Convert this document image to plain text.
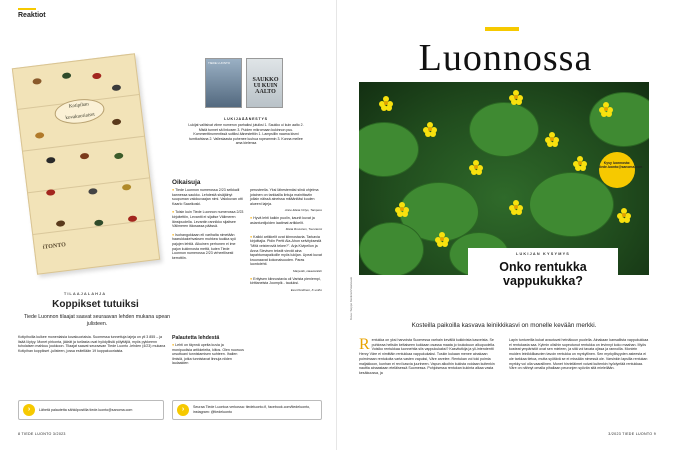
Reaktiot
Kotipihan kovakuoriaiset
iTONTO
TILAAJALAHJA
Koppikset tutuiksi
Tiede Luonnon tilaajat saavat seuraavan lehden mukana upean julisteen.
Kotipihoilla kulkee monenlaisia kovakuoriaisia. Suomessa tunnettuja lajeja on yli 3 855 – ja lisää löytyy. Monet pirkonta, jäärät ja turilasta ovat hyödyllisiä pölyttäjiä, myös pykkeenn tuholaisen mahkuu joukkoon. Tilaajat saavat seuraavan Tiede Luonto -lehden (4/23) mukana Kotipihan koppikset -julisteen, jossa esitellään 19 koppakuoriaista.
›	Lähetä palautetta sähköpostilla tiede.luonto@sanoma.com
TIEDE LUONTO
SAUKKO UI KUIN AALTO
LUKIJAÄÄNESTYS
Lukijat valitsivat viime numeron parhaiksi jutuiksi 1. Saukko ui kuin aalto 2. Mistä tunnet sä linkosen 3. Puiden mikromaan kukinnon puu. Kommenttirumentissä suitiksi äänestettiin 1. Lampsillin naama kismi tumtkahtana 2. Vallesiaasta puhenee luuhua ropeammin 3. Kunna meilee ama kielensa
Oikaisuja

● Tiede Luonnon numerossa 2/23 seikkaili kannessa saukko. Lehdestä sisäjäinyt suupuman valokuvaajan nimi. Valokuvan otti Kaarlo Saarikoski.

● Toisin kuin Tiede Luonnon numerossa 2/23 kirjoitettiin, Levantti ei sijaitse Välimeren länsipuolella. Levantin rannikko sijaitsee Välimeren itäosassa päässä.

● Isohangokkaan eli varihalta nimetään haarukkakehvaksen muhkea tuukka syö pajujen lehtiä. Aikuinen perhonen ei ime pajun kukinnosta mettä, kuten Tiede Luonnon numerossa 2/23 virheellisesti kerrottiin.

Palautetta lehdestä

● Lehti on täynnä upeita kuvia ja monipuolisia artikkeleita, kiitos. Olen nuoruus ursuttuani tunnistamisen suhteen. Ihailen ilmisiä, jotka tunnistavat linnuja niiden laulaaiden

perusteella. Yksi lähestemäsi siinä ohjelma jotainen on tarkkailla lintuja mainittaviin jollain näissä aineissa mitäänitäsi kuulen alueeni lajeja.

Anne-Maria Virtys, Tampere

● Hyvä lehti kaikin puolin, kaunit kuvat ja asiantuntijoiden laatimat artikkelit.

Maria Rouvinen, Tuusniemi

● Kaikki artikkelit ovat kiinnostavia. Tarkavia kirjoittajia. Pidin Pertti Ala-Ahon selvityksestä "Mitä veisteroviä tekee?". Arja Kivipellon ja Anna Sievisen tekstit vievät aina tapahtumapaikoille myös lukijan. Upeat kuvat kruunaavat kokonaisuuden. Paras luontolehti.

Marja Ek, Haaviankiin

● Erityisen kiinnostavia oli Varista pieniempi, kirittaneista Joomplk - tauluksi.

Essi Penttinen, K-votho

›	Seuraa Tiede Luontoa verkossa: tiedeluonto.fi, facebook.com/tiedeluonto, instagram: @tiedeluonto
8 TIEDE LUONTO 3/2023
Luonnossa
Kysy luonnosta: tiede.luonto@sanoma.com
LUKIJAN KYSYMYS
Onko rentukka vappukukka?
Kuva: Seppo Keränen/Vastavalo
Kosteilla paikoilla kasvava leinikkikasvi on monelle kevään merkki.
Rentukka on yksi harvoista Suomessa varhain kevällä kukkivista kasveista. Se puhkeaa helisän keltaiseen kukkaan osassa maata jo toukokuun alkupuolella. Voisiko rentukkaa luonnehtia siis vappukukaksi? Kasvitutkija ja yli-intendentti Henry Väre ei nimittäin rentukkaa vappukukaksi. Tuskin kukaan menee ainakaan poimimaan rentukoita varta vasten vapuksi, Väre arvelee. Rentukan voi toki poimia maljakkoon, kunhan ei revi kasvia juurineen. Vapun alkoihin kukista voidaan kuitenkin nauttia ainaastaan eteläisessä Suomessa. Pohjoisessa rentukan kukinta alkaa vasta kesäkuussa, ja
Lapin tuntureilla kukat avautuvat heinäkuun puolella. Ainakaan kansallista vappukukkaa ei rentukasta saa. Kylmin olisihin sopeutunut rentukka on levinnyt koko maahan. Myös kosteat ympäristöt ovat sen mieleen, ja sitä voi tavata ojissa ja rannoilla. Moniein muiden leinikkilkasvien tavoin rentukka on myrkyllinen. Sen myrkyllisyyden asteesta ei ole tarkkaa tietoa, mutta syötävä se ei missään nimessä ole. Varsinkin lapsilla rentukan myrkky voi olla vaarallinen. Monet hirvieläimet voivat kuitenkin hyödyntää rentukkaa. Väre on nähnyt omalla pihallaan peuronjen syövän sitä mielellään.
3/2023 TIEDE LUONTO 9
